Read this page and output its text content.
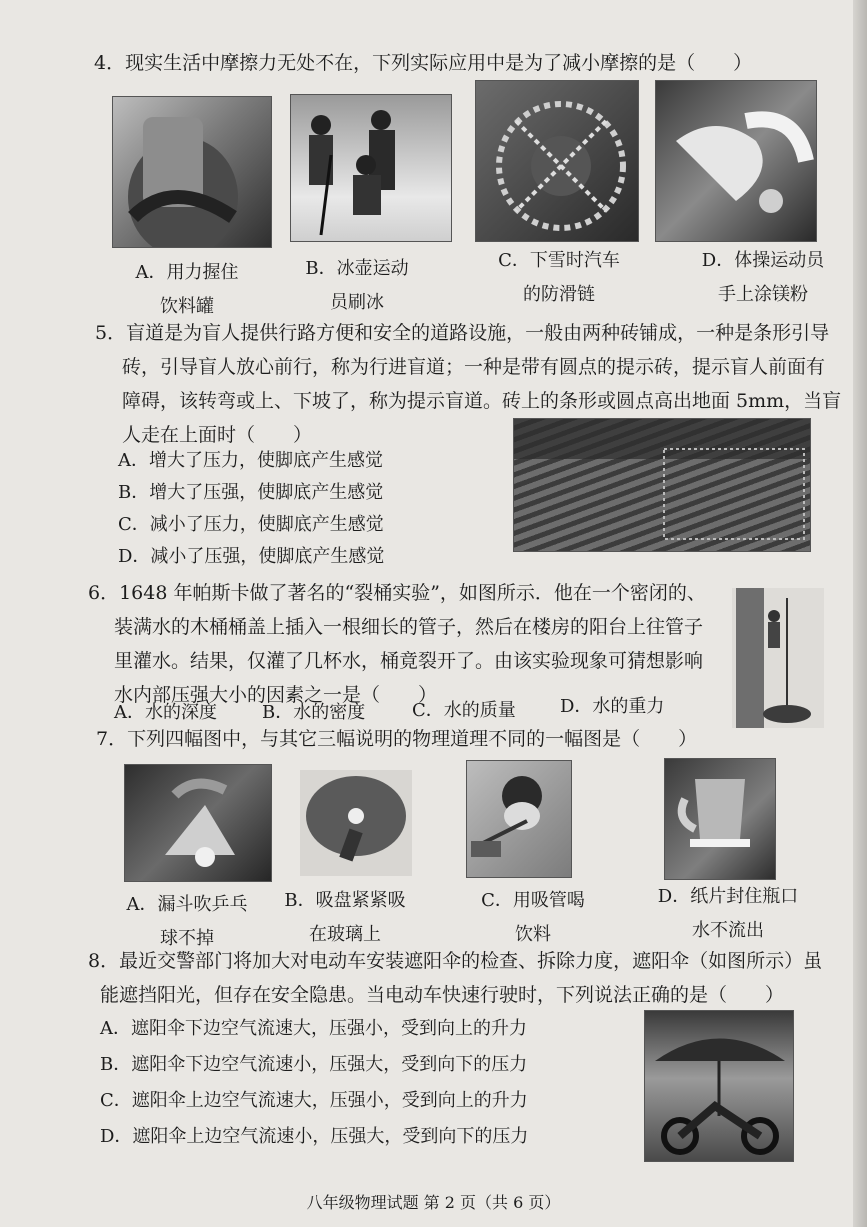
4．现实生活中摩擦力无处不在，下列实际应用中是为了减小摩擦的是（　　）
A．用力握住
饮料罐
B．冰壶运动
员刷冰
C．下雪时汽车
的防滑链
D．体操运动员
手上涂镁粉
5．盲道是为盲人提供行路方便和安全的道路设施，一般由两种砖铺成，一种是条形引导
砖，引导盲人放心前行，称为行进盲道；一种是带有圆点的提示砖，提示盲人前面有
障碍，该转弯或上、下坡了，称为提示盲道。砖上的条形或圆点高出地面 5mm，当盲
人走在上面时（　　）
A．增大了压力，使脚底产生感觉
B．增大了压强，使脚底产生感觉
C．减小了压力，使脚底产生感觉
D．减小了压强，使脚底产生感觉
6．1648 年帕斯卡做了著名的“裂桶实验”，如图所示．他在一个密闭的、
装满水的木桶桶盖上插入一根细长的管子，然后在楼房的阳台上往管子
里灌水。结果，仅灌了几杯水，桶竟裂开了。由该实验现象可猜想影响
水内部压强大小的因素之一是（　　）
A．水的深度	B．水的密度	C．水的质量 D．水的重力
7．下列四幅图中，与其它三幅说明的物理道理不同的一幅图是（　　）
A．漏斗吹乒乓
球不掉
B．吸盘紧紧吸
在玻璃上
C．用吸管喝
饮料
D．纸片封住瓶口
水不流出
8．最近交警部门将加大对电动车安装遮阳伞的检查、拆除力度，遮阳伞（如图所示）虽
能遮挡阳光，但存在安全隐患。当电动车快速行驶时，下列说法正确的是（　　）
A．遮阳伞下边空气流速大，压强小，受到向上的升力
B．遮阳伞下边空气流速小，压强大，受到向下的压力
C．遮阳伞上边空气流速大，压强小，受到向上的升力
D．遮阳伞上边空气流速小，压强大，受到向下的压力
八年级物理试题 第 2 页（共 6 页）
